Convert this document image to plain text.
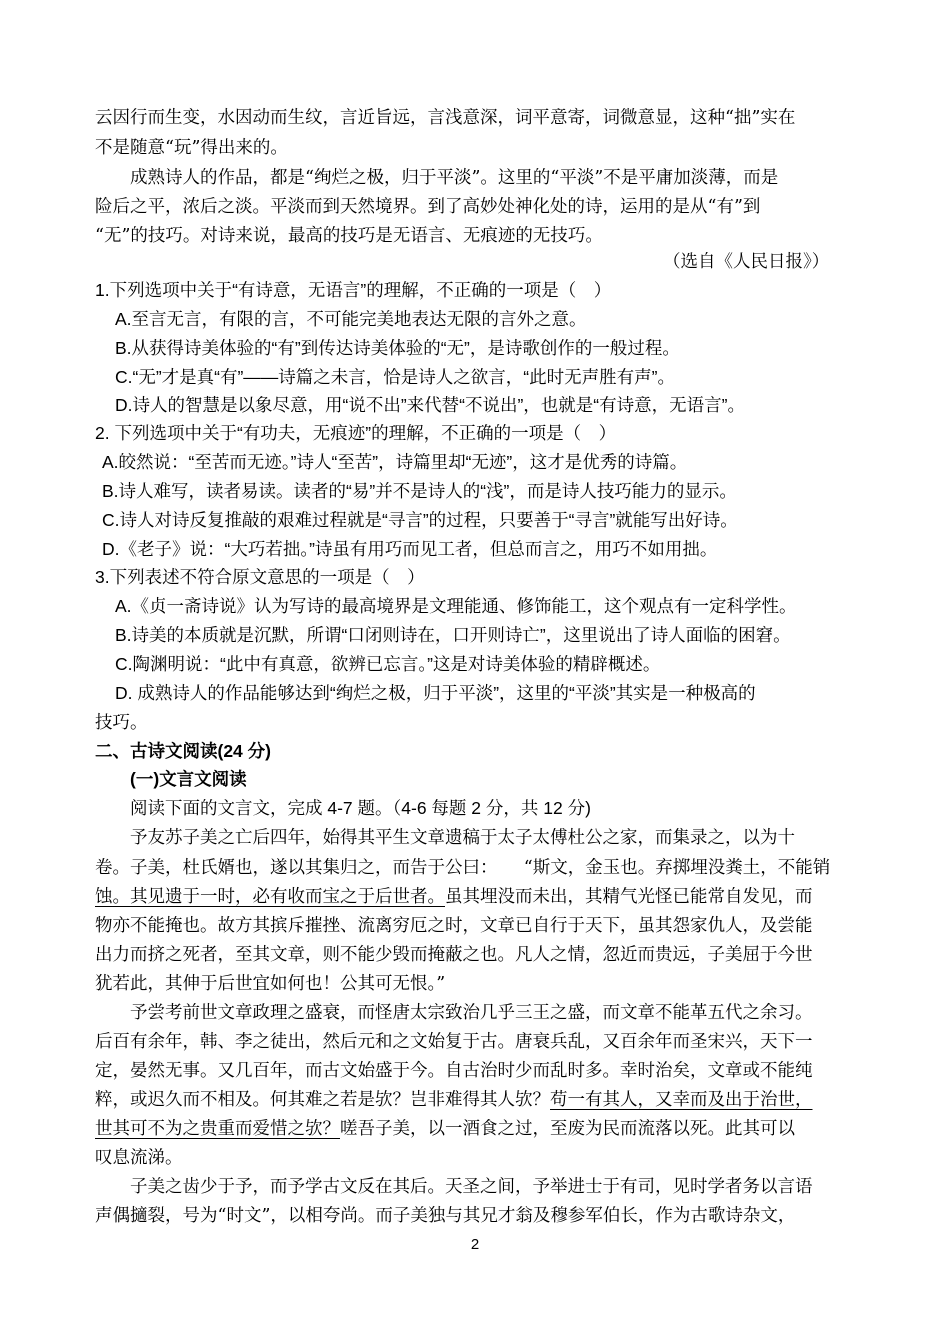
云因行而生变，水因动而生纹，言近旨远，言浅意深，词平意寄，词微意显，这种“拙”实在
不是随意“玩”得出来的。
成熟诗人的作品，都是“绚烂之极，归于平淡”。这里的“平淡”不是平庸加淡薄，而是
险后之平，浓后之淡。平淡而到天然境界。到了高妙处神化处的诗，运用的是从“有”到
“无”的技巧。对诗来说，最高的技巧是无语言、无痕迹的无技巧。
（选自《人民日报》）
1.下列选项中关于“有诗意，无语言”的理解，不正确的一项是（　）
A.至言无言，有限的言，不可能完美地表达无限的言外之意。
B.从获得诗美体验的“有”到传达诗美体验的“无”，是诗歌创作的一般过程。
C.“无”才是真“有”——诗篇之未言，恰是诗人之欲言，“此时无声胜有声”。
D.诗人的智慧是以象尽意，用“说不出”来代替“不说出”，也就是“有诗意，无语言”。
2. 下列选项中关于“有功夫，无痕迹”的理解，不正确的一项是（　）
A.皎然说：“至苦而无迹。”诗人“至苦”，诗篇里却“无迹”，这才是优秀的诗篇。
B.诗人难写，读者易读。读者的“易”并不是诗人的“浅”，而是诗人技巧能力的显示。
C.诗人对诗反复推敲的艰难过程就是“寻言”的过程，只要善于“寻言”就能写出好诗。
D.《老子》说：“大巧若拙。”诗虽有用巧而见工者，但总而言之，用巧不如用拙。
3.下列表述不符合原文意思的一项是（　）
A.《贞一斋诗说》认为写诗的最高境界是文理能通、修饰能工，这个观点有一定科学性。
B.诗美的本质就是沉默，所谓“口闭则诗在，口开则诗亡”，这里说出了诗人面临的困窘。
C.陶渊明说：“此中有真意，欲辨已忘言。”这是对诗美体验的精辟概述。
D. 成熟诗人的作品能够达到“绚烂之极，归于平淡”，这里的“平淡”其实是一种极高的
技巧。
二、古诗文阅读(24 分)
(一)文言文阅读
阅读下面的文言文，完成 4-7 题。（4-6 每题 2 分，共 12 分)
予友苏子美之亡后四年，始得其平生文章遗稿于太子太傅杜公之家，而集录之，以为十
卷。子美，杜氏婿也，遂以其集归之，而告于公曰：　　“斯文，金玉也。弃掷埋没粪土，不能销
蚀。其见遗于一时，必有收而宝之于后世者。虽其埋没而未出，其精气光怪已能常自发见，而
物亦不能掩也。故方其摈斥摧挫、流离穷厄之时，文章已自行于天下，虽其怨家仇人，及尝能
出力而挤之死者，至其文章，则不能少毁而掩蔽之也。凡人之情，忽近而贵远，子美屈于今世
犹若此，其伸于后世宜如何也！公其可无恨。”
予尝考前世文章政理之盛衰，而怪唐太宗致治几乎三王之盛，而文章不能革五代之余习。
后百有余年，韩、李之徒出，然后元和之文始复于古。唐衰兵乱，又百余年而圣宋兴，天下一
定，晏然无事。又几百年，而古文始盛于今。自古治时少而乱时多。幸时治矣，文章或不能纯
粹，或迟久而不相及。何其难之若是欤？岂非难得其人欤？苟一有其人，又幸而及出于治世，
世其可不为之贵重而爱惜之欤？嗟吾子美，以一酒食之过，至废为民而流落以死。此其可以
叹息流涕。
子美之齿少于予，而予学古文反在其后。天圣之间，予举进士于有司，见时学者务以言语
声偶擿裂，号为“时文”，以相夸尚。而子美独与其兄才翁及穆参军伯长，作为古歌诗杂文，
2
